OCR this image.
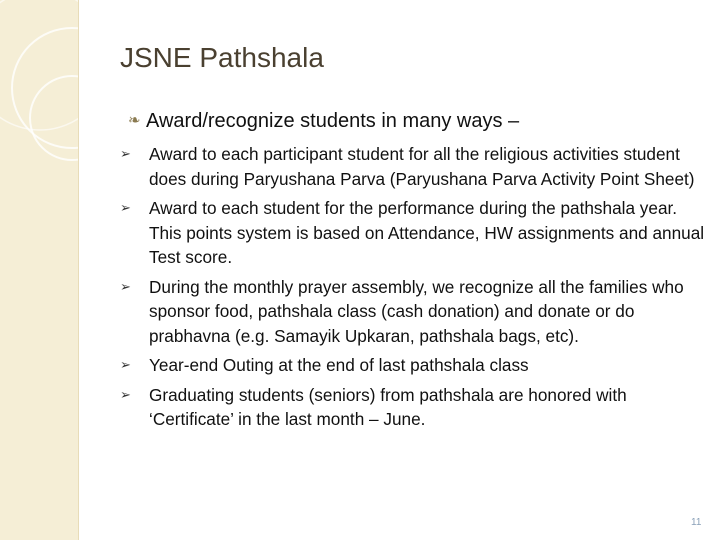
JSNE Pathshala
❧ Award/recognize students in many ways –
➢ Award to each participant student for all the religious activities student does during Paryushana Parva (Paryushana Parva Activity Point Sheet)
➢ Award to each student for the performance during the pathshala year. This points system is based on Attendance, HW assignments and annual Test score.
➢ During the monthly prayer assembly, we recognize all the families who sponsor food, pathshala class (cash donation) and donate or do prabhavna (e.g. Samayik Upkaran, pathshala bags, etc).
➢ Year-end Outing at the end of last pathshala class
➢ Graduating students (seniors) from pathshala are honored with ‘Certificate’ in the last month – June.
11
